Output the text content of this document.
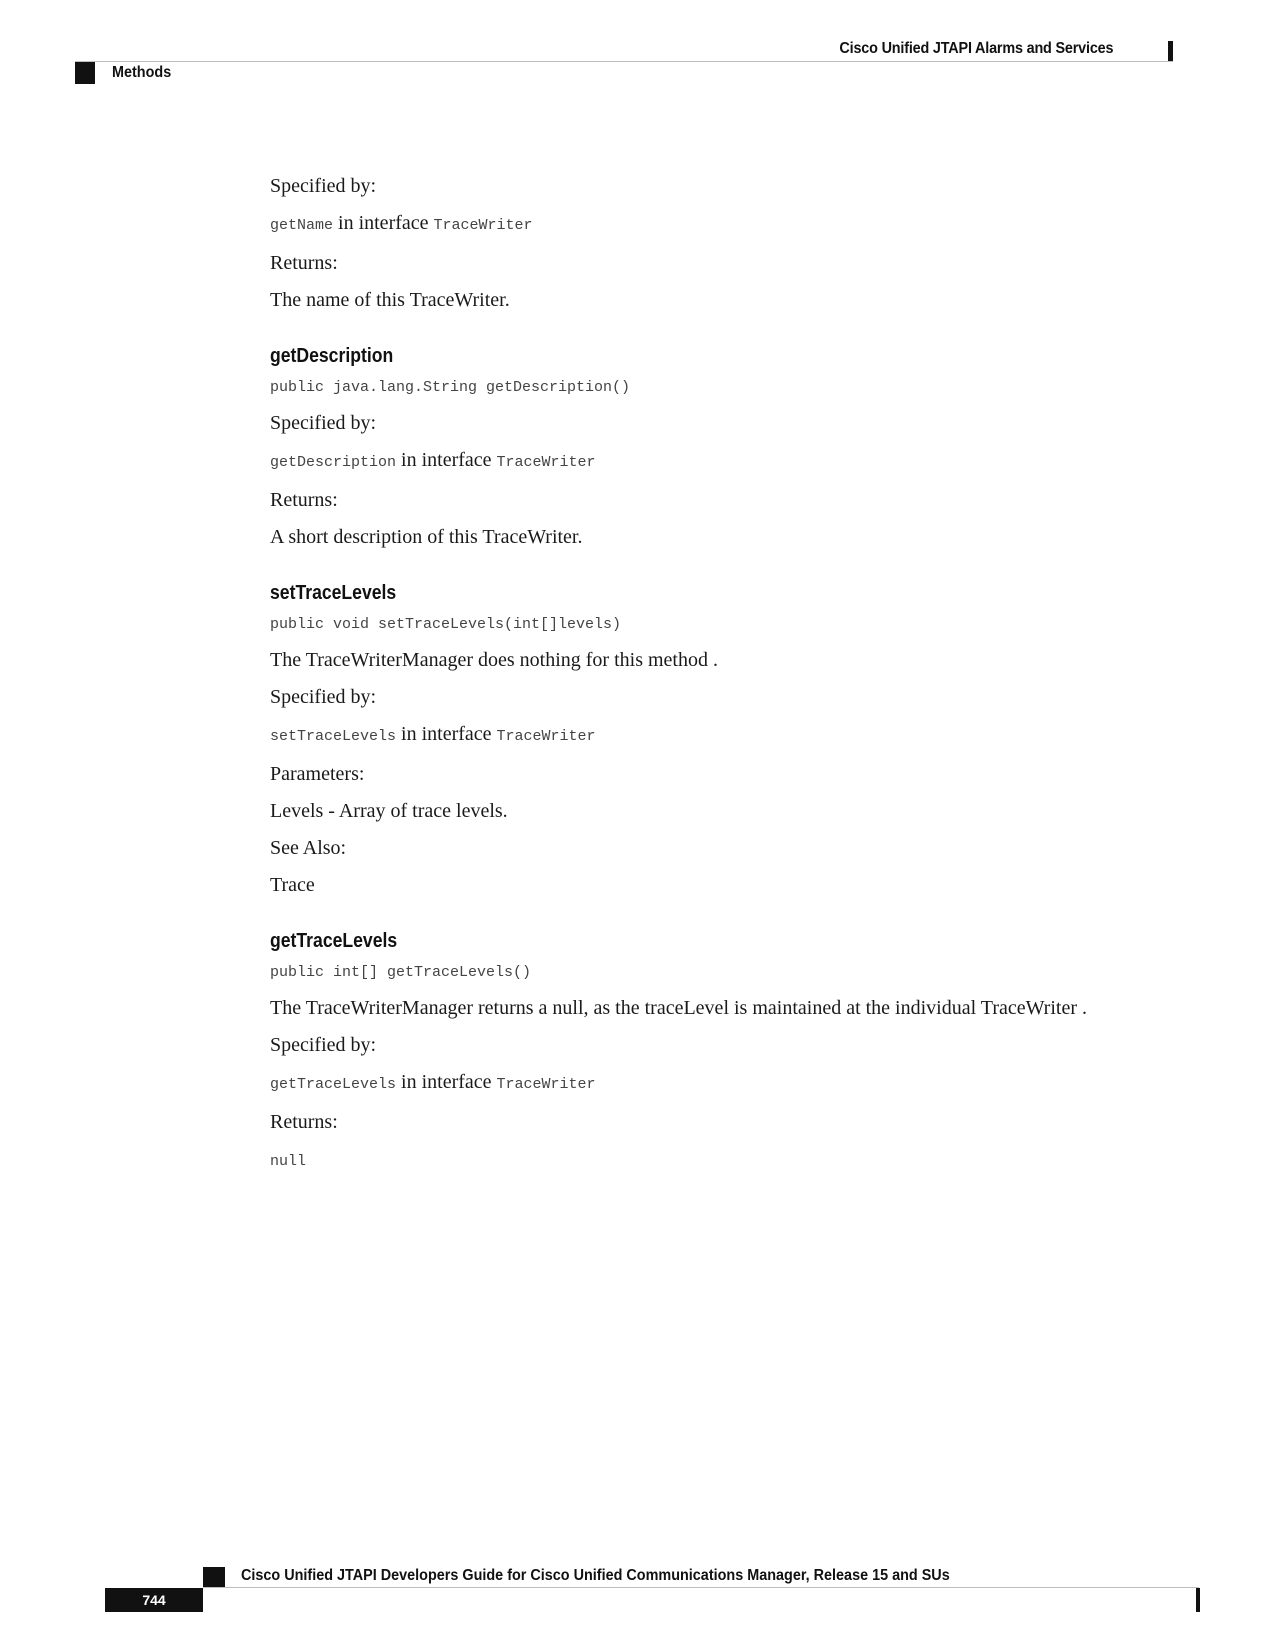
Cisco Unified JTAPI Alarms and Services
Methods
Specified by:
getName in interface TraceWriter
Returns:
The name of this TraceWriter.
getDescription
public java.lang.String getDescription()
Specified by:
getDescription in interface TraceWriter
Returns:
A short description of this TraceWriter.
setTraceLevels
public void setTraceLevels(int[]levels)
The TraceWriterManager does nothing for this method .
Specified by:
setTraceLevels in interface TraceWriter
Parameters:
Levels - Array of trace levels.
See Also:
Trace
getTraceLevels
public int[] getTraceLevels()
The TraceWriterManager returns a null, as the traceLevel is maintained at the individual TraceWriter .
Specified by:
getTraceLevels in interface TraceWriter
Returns:
null
Cisco Unified JTAPI Developers Guide for Cisco Unified Communications Manager, Release 15 and SUs
744
